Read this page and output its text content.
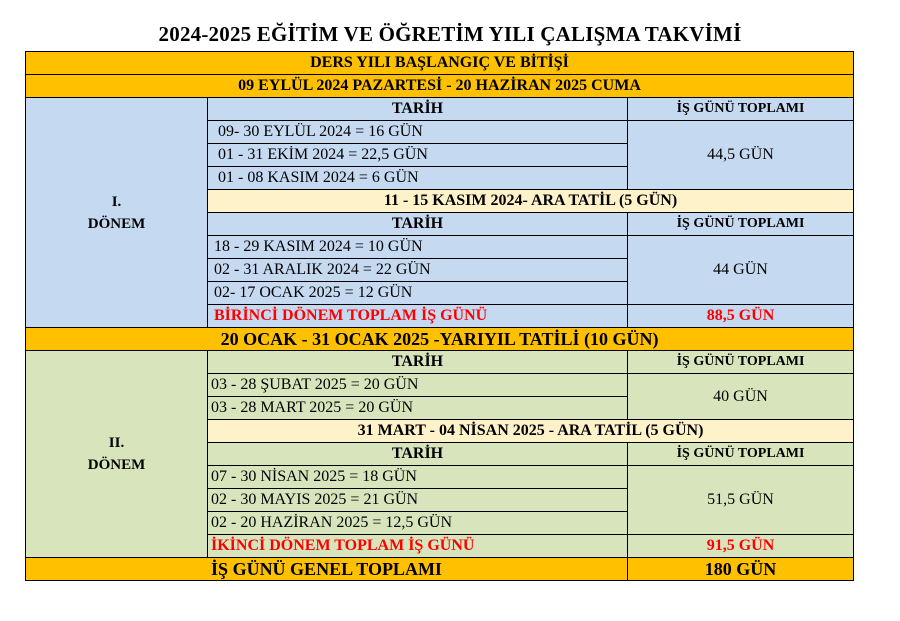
2024-2025 EĞİTİM VE ÖĞRETİM YILI ÇALIŞMA TAKVİMİ
DERS YILI BAŞLANGIÇ VE BİTİŞİ		
09 EYLÜL 2024 PAZARTESİ - 20 HAZİRAN 2025 CUMA		

I.
DÖNEM	TARİH	İŞ GÜNÜ TOPLAMI
	09- 30 EYLÜL 2024 = 16 GÜN	44,5 GÜN
	01 - 31 EKİM 2024 = 22,5 GÜN	
	01 - 08 KASIM 2024 = 6 GÜN	
	11 - 15 KASIM 2024- ARA TATİL (5 GÜN)	
	TARİH	İŞ GÜNÜ TOPLAMI
	18 - 29 KASIM 2024 = 10 GÜN	44 GÜN
	02 - 31 ARALIK 2024 = 22 GÜN	
	02- 17 OCAK 2025 = 12 GÜN	
	BİRİNCİ DÖNEM TOPLAM İŞ GÜNÜ	88,5 GÜN
20 OCAK - 31 OCAK 2025 -YARIYIL TATİLİ (10 GÜN)		

II.
DÖNEM	TARİH	İŞ GÜNÜ TOPLAMI
	03 - 28 ŞUBAT 2025 = 20 GÜN	40 GÜN
	03 - 28 MART 2025 = 20 GÜN	
	31 MART - 04 NİSAN 2025 - ARA TATİL (5 GÜN)	
	TARİH	İŞ GÜNÜ TOPLAMI
	07 - 30 NİSAN 2025 = 18 GÜN	51,5 GÜN
	02 - 30 MAYIS 2025 = 21 GÜN	
	02 - 20 HAZİRAN 2025 = 12,5 GÜN	
	İKİNCİ DÖNEM TOPLAM İŞ GÜNÜ	91,5 GÜN
İŞ GÜNÜ GENEL TOPLAMI		180 GÜN
